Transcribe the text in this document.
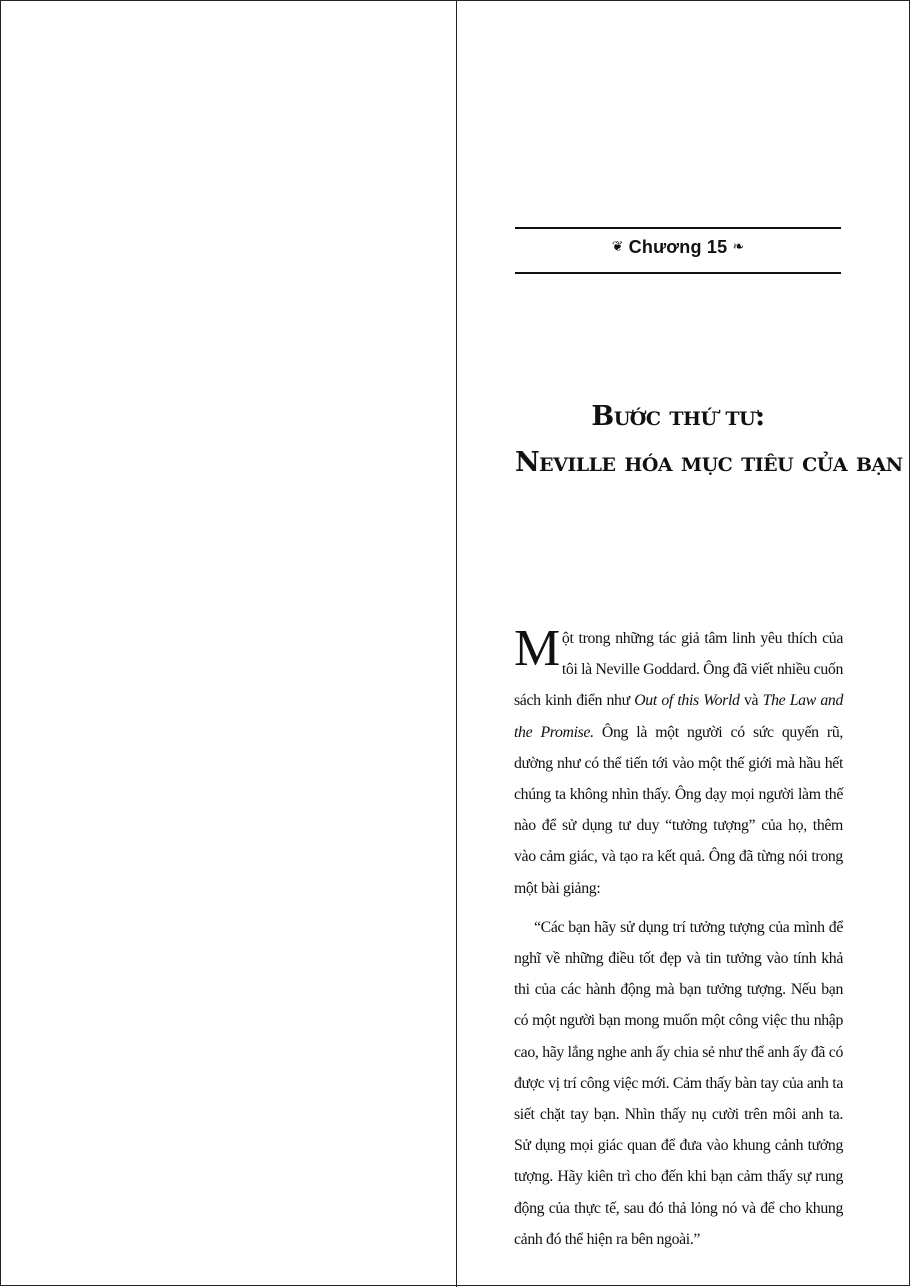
❦ Chương 15 ❧
Bước thứ tư:
Neville hóa mục tiêu của bạn

Một trong những tác giả tâm linh yêu thích của tôi là Neville Goddard. Ông đã viết nhiều cuốn sách kinh điển như Out of this World và The Law and the Promise. Ông là một người có sức quyến rũ, dường như có thể tiến tới vào một thế giới mà hầu hết chúng ta không nhìn thấy. Ông dạy mọi người làm thế nào để sử dụng tư duy “tưởng tượng” của họ, thêm vào cảm giác, và tạo ra kết quả. Ông đã từng nói trong một bài giảng:

“Các bạn hãy sử dụng trí tưởng tượng của mình để nghĩ về những điều tốt đẹp và tin tưởng vào tính khả thi của các hành động mà bạn tưởng tượng. Nếu bạn có một người bạn mong muốn một công việc thu nhập cao, hãy lắng nghe anh ấy chia sẻ như thể anh ấy đã có được vị trí công việc mới. Cảm thấy bàn tay của anh ta siết chặt tay bạn. Nhìn thấy nụ cười trên môi anh ta. Sử dụng mọi giác quan để đưa vào khung cảnh tưởng tượng. Hãy kiên trì cho đến khi bạn cảm thấy sự rung động của thực tế, sau đó thả lỏng nó và để cho khung cảnh đó thể hiện ra bên ngoài.”
